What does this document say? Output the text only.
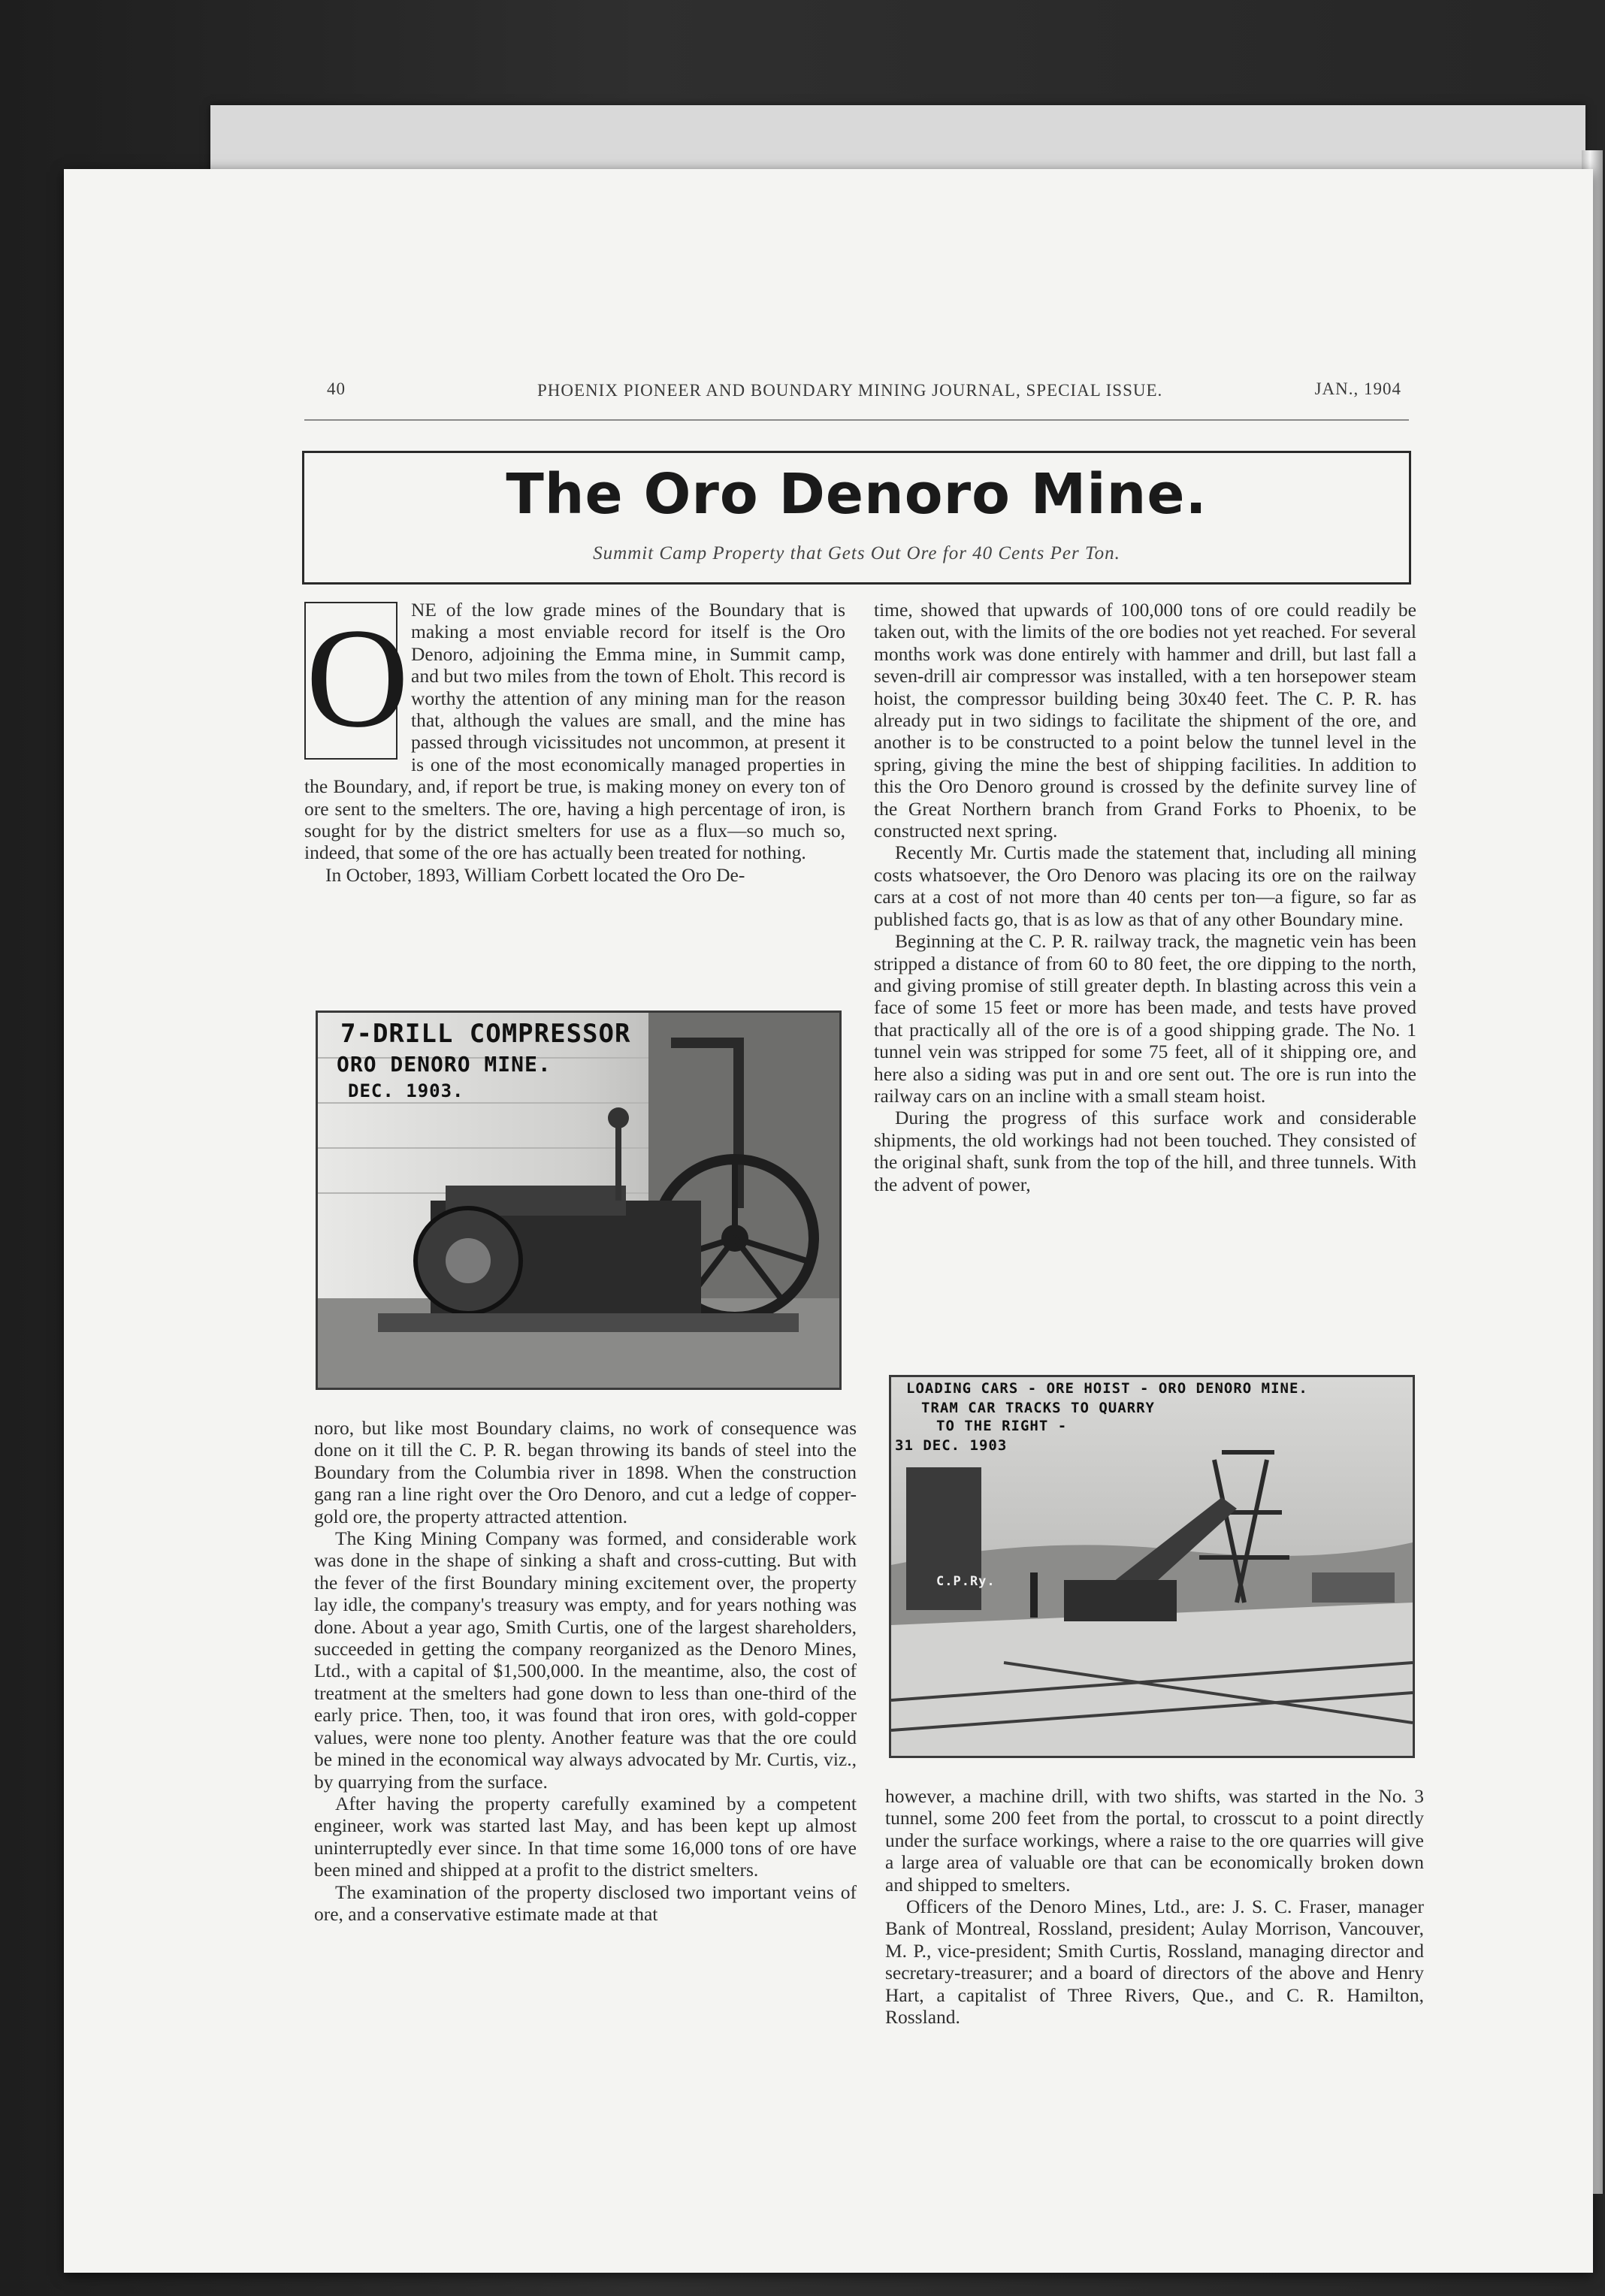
40	PHOENIX PIONEER AND BOUNDARY MINING JOURNAL, SPECIAL ISSUE.	JAN., 1904
The Oro Denoro Mine.
Summit Camp Property that Gets Out Ore for 40 Cents Per Ton.
O NE of the low grade mines of the Boundary that is making a most enviable record for itself is the Oro Denoro, adjoining the Emma mine, in Summit camp, and but two miles from the town of Eholt. This record is worthy the attention of any mining man for the reason that, although the values are small, and the mine has passed through vicissitudes not uncommon, at present it is one of the most economically managed properties in the Boundary, and, if report be true, is making money on every ton of ore sent to the smelters. The ore, having a high percentage of iron, is sought for by the district smelters for use as a flux—so much so, indeed, that some of the ore has actually been treated for nothing.

In October, 1893, William Corbett located the Oro De-

7-DRILL COMPRESSOR
ORO DENORO MINE.
DEC. 1903.

noro, but like most Boundary claims, no work of consequence was done on it till the C. P. R. began throwing its bands of steel into the Boundary from the Columbia river in 1898. When the construction gang ran a line right over the Oro Denoro, and cut a ledge of copper-gold ore, the property attracted attention.

The King Mining Company was formed, and considerable work was done in the shape of sinking a shaft and cross-cutting. But with the fever of the first Boundary mining excitement over, the property lay idle, the company's treasury was empty, and for years nothing was done. About a year ago, Smith Curtis, one of the largest shareholders, succeeded in getting the company reorganized as the Denoro Mines, Ltd., with a capital of $1,500,000. In the meantime, also, the cost of treatment at the smelters had gone down to less than one-third of the early price. Then, too, it was found that iron ores, with gold-copper values, were none too plenty. Another feature was that the ore could be mined in the economical way always advocated by Mr. Curtis, viz., by quarrying from the surface.

After having the property carefully examined by a competent engineer, work was started last May, and has been kept up almost uninterruptedly ever since. In that time some 16,000 tons of ore have been mined and shipped at a profit to the district smelters.

The examination of the property disclosed two important veins of ore, and a conservative estimate made at that

time, showed that upwards of 100,000 tons of ore could readily be taken out, with the limits of the ore bodies not yet reached. For several months work was done entirely with hammer and drill, but last fall a seven-drill air compressor was installed, with a ten horsepower steam hoist, the compressor building being 30x40 feet. The C. P. R. has already put in two sidings to facilitate the shipment of the ore, and another is to be constructed to a point below the tunnel level in the spring, giving the mine the best of shipping facilities. In addition to this the Oro Denoro ground is crossed by the definite survey line of the Great Northern branch from Grand Forks to Phoenix, to be constructed next spring.

Recently Mr. Curtis made the statement that, including all mining costs whatsoever, the Oro Denoro was placing its ore on the railway cars at a cost of not more than 40 cents per ton—a figure, so far as published facts go, that is as low as that of any other Boundary mine.

Beginning at the C. P. R. railway track, the magnetic vein has been stripped a distance of from 60 to 80 feet, the ore dipping to the north, and giving promise of still greater depth. In blasting across this vein a face of some 15 feet or more has been made, and tests have proved that practically all of the ore is of a good shipping grade. The No. 1 tunnel vein was stripped for some 75 feet, all of it shipping ore, and here also a siding was put in and ore sent out. The ore is run into the railway cars on an incline with a small steam hoist.

During the progress of this surface work and considerable shipments, the old workings had not been touched. They consisted of the original shaft, sunk from the top of the hill, and three tunnels. With the advent of power,

LOADING CARS - ORE HOIST - ORO DENORO MINE.
TRAM CAR TRACKS TO QUARRY
TO THE RIGHT -
31 DEC. 1903
C.P.Ry.

however, a machine drill, with two shifts, was started in the No. 3 tunnel, some 200 feet from the portal, to crosscut to a point directly under the surface workings, where a raise to the ore quarries will give a large area of valuable ore that can be economically broken down and shipped to smelters.

Officers of the Denoro Mines, Ltd., are: J. S. C. Fraser, manager Bank of Montreal, Rossland, president; Aulay Morrison, Vancouver, M. P., vice-president; Smith Curtis, Rossland, managing director and secretary-treasurer; and a board of directors of the above and Henry Hart, a capitalist of Three Rivers, Que., and C. R. Hamilton, Rossland.
